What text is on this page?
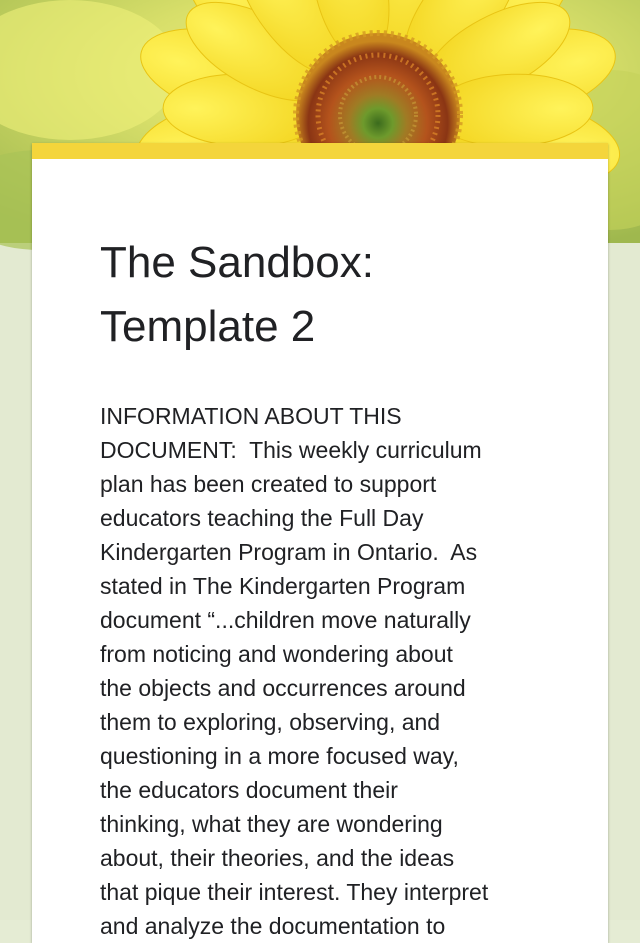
The Sandbox:
Template 2

INFORMATION ABOUT THIS
DOCUMENT:  This weekly curriculum
plan has been created to support
educators teaching the Full Day
Kindergarten Program in Ontario.  As
stated in The Kindergarten Program
document “...children move naturally
from noticing and wondering about
the objects and occurrences around
them to exploring, observing, and
questioning in a more focused way,
the educators document their
thinking, what they are wondering
about, their theories, and the ideas
that pique their interest. They interpret
and analyze the documentation to
